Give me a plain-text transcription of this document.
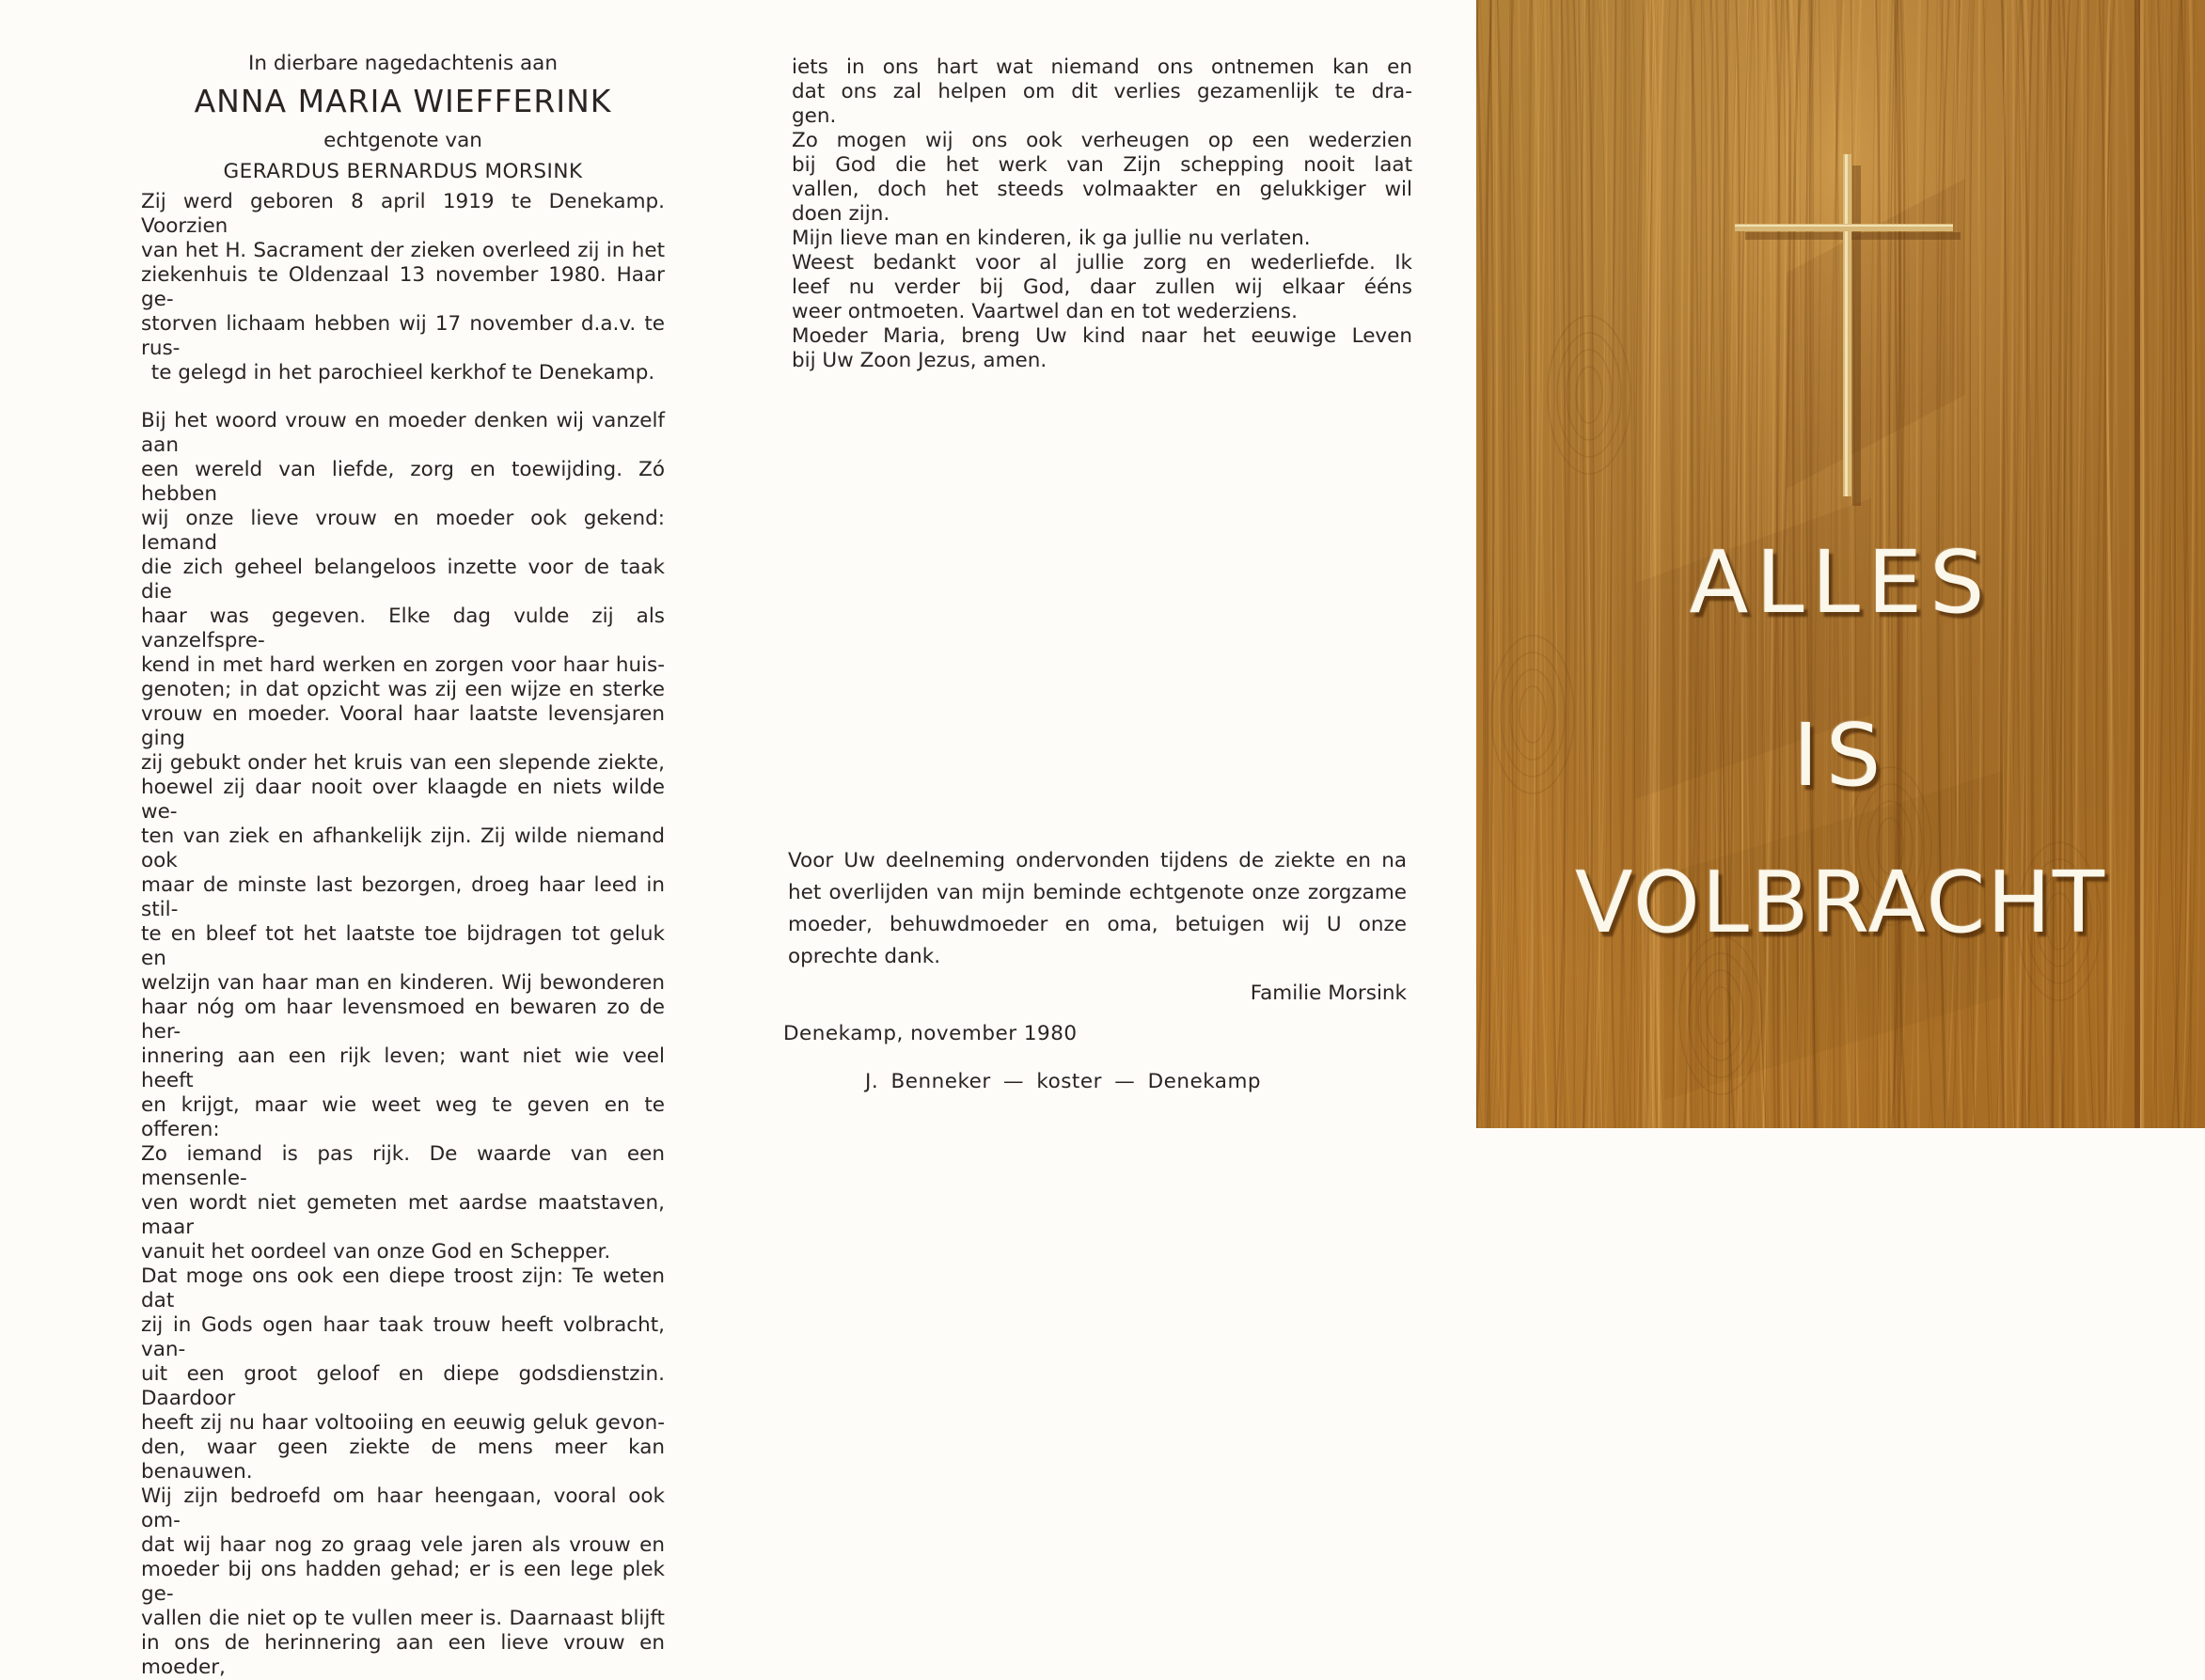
In dierbare nagedachtenis aan
ANNA MARIA WIEFFERINK
echtgenote van
GERARDUS BERNARDUS MORSINK

Zij werd geboren 8 april 1919 te Denekamp. Voorzien

van het H. Sacrament der zieken overleed zij in het

ziekenhuis te Oldenzaal 13 november 1980. Haar ge-

storven lichaam hebben wij 17 november d.a.v. te rus-

te gelegd in het parochieel kerkhof te Denekamp.

Bij het woord vrouw en moeder denken wij vanzelf aan

een wereld van liefde, zorg en toewijding. Zó hebben

wij onze lieve vrouw en moeder ook gekend: Iemand

die zich geheel belangeloos inzette voor de taak die

haar was gegeven. Elke dag vulde zij als vanzelfspre-

kend in met hard werken en zorgen voor haar huis-

genoten; in dat opzicht was zij een wijze en sterke

vrouw en moeder. Vooral haar laatste levensjaren ging

zij gebukt onder het kruis van een slepende ziekte,

hoewel zij daar nooit over klaagde en niets wilde we-

ten van ziek en afhankelijk zijn. Zij wilde niemand ook

maar de minste last bezorgen, droeg haar leed in stil-

te en bleef tot het laatste toe bijdragen tot geluk en

welzijn van haar man en kinderen. Wij bewonderen

haar nóg om haar levensmoed en bewaren zo de her-

innering aan een rijk leven; want niet wie veel heeft

en krijgt, maar wie weet weg te geven en te offeren:

Zo iemand is pas rijk. De waarde van een mensenle-

ven wordt niet gemeten met aardse maatstaven, maar

vanuit het oordeel van onze God en Schepper.

Dat moge ons ook een diepe troost zijn: Te weten dat

zij in Gods ogen haar taak trouw heeft volbracht, van-

uit een groot geloof en diepe godsdienstzin. Daardoor

heeft zij nu haar voltooiing en eeuwig geluk gevon-

den, waar geen ziekte de mens meer kan benauwen.

Wij zijn bedroefd om haar heengaan, vooral ook om-

dat wij haar nog zo graag vele jaren als vrouw en

moeder bij ons hadden gehad; er is een lege plek ge-

vallen die niet op te vullen meer is. Daarnaast blijft

in ons de herinnering aan een lieve vrouw en moeder,

iets in ons hart wat niemand ons ontnemen kan en

dat ons zal helpen om dit verlies gezamenlijk te dra-

gen.

Zo mogen wij ons ook verheugen op een wederzien

bij God die het werk van Zijn schepping nooit laat

vallen, doch het steeds volmaakter en gelukkiger wil

doen zijn.

Mijn lieve man en kinderen, ik ga jullie nu verlaten.

Weest bedankt voor al jullie zorg en wederliefde. Ik

leef nu verder bij God, daar zullen wij elkaar ééns

weer ontmoeten. Vaartwel dan en tot wederziens.

Moeder Maria, breng Uw kind naar het eeuwige Leven

bij Uw Zoon Jezus, amen.

Voor Uw deelneming ondervonden tijdens de ziekte en na het overlijden van mijn beminde echtgenote onze zorgzame moeder, behuwdmoeder en oma, betuigen wij U onze oprechte dank.

Familie Morsink
Denekamp, november 1980
J. Benneker — koster — Denekamp
ALLES
IS
VOLBRACHT
